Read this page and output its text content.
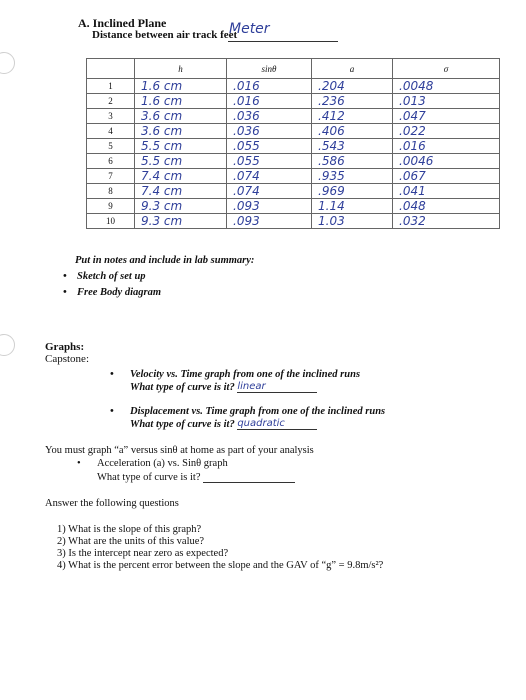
A. Inclined Plane
Distance between air track feet
Meter
	h	sinθ	a	σ
1	1.6 cm	.016	.204	.0048
2	1.6 cm	.016	.236	.013
3	3.6 cm	.036	.412	.047
4	3.6 cm	.036	.406	.022
5	5.5 cm	.055	.543	.016
6	5.5 cm	.055	.586	.0046
7	7.4 cm	.074	.935	.067
8	7.4 cm	.074	.969	.041
9	9.3 cm	.093	1.14	.048
10	9.3 cm	.093	1.03	.032
Put in notes and include in lab summary:
• Sketch of set up
• Free Body diagram
Graphs:
Capstone:
• Velocity vs. Time graph from one of the inclined runs
What type of curve is it? linear
• Displacement vs. Time graph from one of the inclined runs
What type of curve is it? quadratic
You must graph “a” versus sinθ at home as part of your analysis
• Acceleration (a) vs. Sinθ graph
What type of curve is it?
Answer the following questions
1) What is the slope of this graph?
2) What are the units of this value?
3) Is the intercept near zero as expected?
4) What is the percent error between the slope and the GAV of “g” = 9.8m/s²?
